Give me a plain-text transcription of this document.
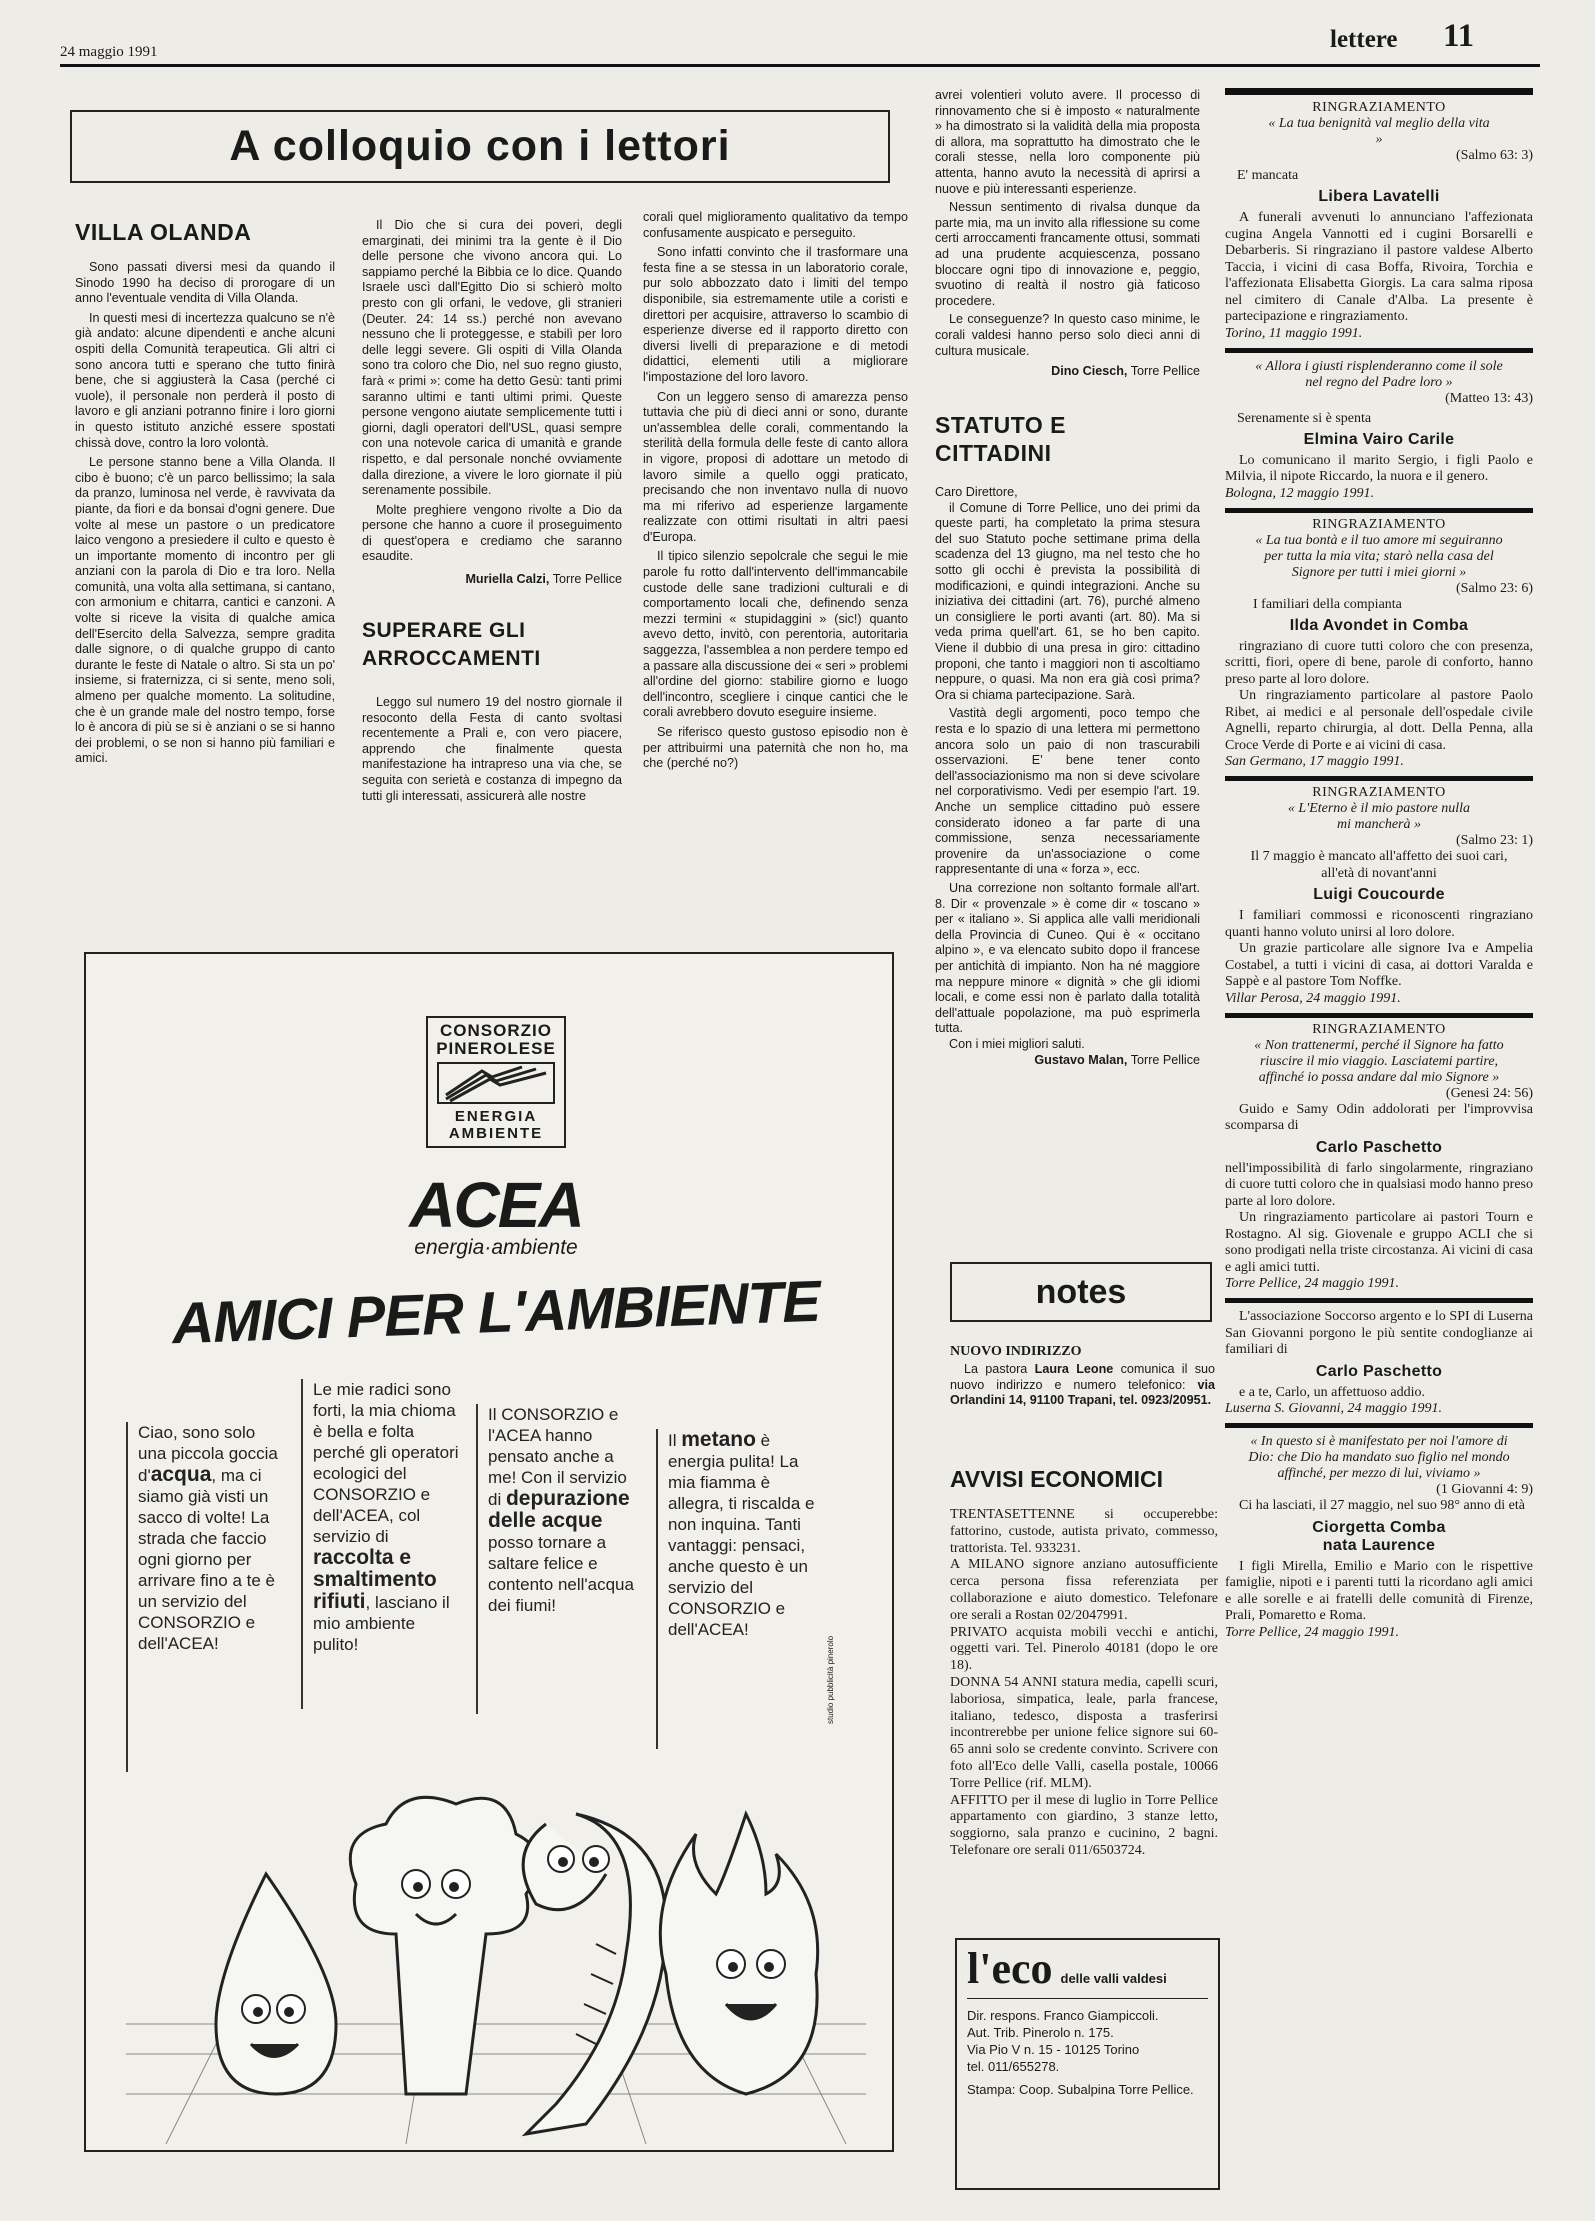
24 maggio 1991	lettere 11
A colloquio con i lettori
VILLA OLANDA

Sono passati diversi mesi da quando il Sinodo 1990 ha deciso di prorogare di un anno l'eventuale vendita di Villa Olanda.

In questi mesi di incertezza qualcuno se n'è già andato: alcune dipendenti e anche alcuni ospiti della Comunità terapeutica. Gli altri ci sono ancora tutti e sperano che tutto finirà bene, che si aggiusterà la Casa (perché ci vuole), il personale non perderà il posto di lavoro e gli anziani potranno finire i loro giorni in questo istituto anziché essere spostati chissà dove, contro la loro volontà.

Le persone stanno bene a Villa Olanda. Il cibo è buono; c'è un parco bellissimo; la sala da pranzo, luminosa nel verde, è ravvivata da piante, da fiori e da bonsai d'ogni genere. Due volte al mese un pastore o un predicatore laico vengono a presiedere il culto e questo è un importante momento di incontro per gli anziani con la parola di Dio e tra loro. Nella comunità, una volta alla settimana, si cantano, con armonium e chitarra, cantici e canzoni. A volte si riceve la visita di qualche amica dell'Esercito della Salvezza, sempre gradita dalle signore, o di qualche gruppo di canto durante le feste di Natale o altro. Si sta un po' insieme, si fraternizza, ci si sente, meno soli, almeno per qualche momento. La solitudine, che è un grande male del nostro tempo, forse lo è ancora di più se si è anziani o se si hanno dei problemi, o se non si hanno più familiari e amici.

Il Dio che si cura dei poveri, degli emarginati, dei minimi tra la gente è il Dio delle persone che vivono ancora qui. Lo sappiamo perché la Bibbia ce lo dice. Quando Israele uscì dall'Egitto Dio si schierò molto presto con gli orfani, le vedove, gli stranieri (Deuter. 24: 14 ss.) perché non avevano nessuno che li proteggesse, e stabilì per loro delle leggi severe. Gli ospiti di Villa Olanda sono tra coloro che Dio, nel suo regno giusto, farà « primi »: come ha detto Gesù: tanti primi saranno ultimi e tanti ultimi primi. Queste persone vengono aiutate semplicemente tutti i giorni, dagli operatori dell'USL, quasi sempre con una notevole carica di umanità e grande rispetto, e dal personale nonché ovviamente dalla direzione, a vivere le loro giornate il più serenamente possibile.

Molte preghiere vengono rivolte a Dio da persone che hanno a cuore il proseguimento di quest'opera e crediamo che saranno esaudite.

Muriella Calzi, Torre Pellice
SUPERARE GLI ARROCCAMENTI

Leggo sul numero 19 del nostro giornale il resoconto della Festa di canto svoltasi recentemente a Prali e, con vero piacere, apprendo che finalmente questa manifestazione ha intrapreso una via che, se seguita con serietà e costanza di impegno da tutti gli interessati, assicurerà alle nostre

corali quel miglioramento qualitativo da tempo confusamente auspicato e perseguito.

Sono infatti convinto che il trasformare una festa fine a se stessa in un laboratorio corale, pur solo abbozzato dato i limiti del tempo disponibile, sia estremamente utile a coristi e direttori per acquisire, attraverso lo scambio di esperienze diverse ed il rapporto diretto con diversi livelli di preparazione e di metodi didattici, elementi utili a migliorare l'impostazione del loro lavoro.

Con un leggero senso di amarezza penso tuttavia che più di dieci anni or sono, durante un'assemblea delle corali, commentando la sterilità della formula delle feste di canto allora in vigore, proposi di adottare un metodo di lavoro simile a quello oggi praticato, precisando che non inventavo nulla di nuovo ma mi riferivo ad esperienze largamente realizzate con ottimi risultati in altri paesi d'Europa.

Il tipico silenzio sepolcrale che segui le mie parole fu rotto dall'intervento dell'immancabile custode delle sane tradizioni culturali e di comportamento locali che, definendo senza mezzi termini « stupidaggini » (sic!) quanto avevo detto, invitò, con perentoria, autoritaria saggezza, l'assemblea a non perdere tempo ed a passare alla discussione dei « seri » problemi all'ordine del giorno: stabilire giorno e luogo dell'incontro, scegliere i cinque cantici che le corali avrebbero dovuto eseguire insieme.

Se riferisco questo gustoso episodio non è per attribuirmi una paternità che non ho, ma che (perché no?)

avrei volentieri voluto avere. Il processo di rinnovamento che si è imposto « naturalmente » ha dimostrato si la validità della mia proposta di allora, ma soprattutto ha dimostrato che le corali stesse, nella loro componente più attenta, hanno avuto la necessità di aprirsi a nuove e più interessanti esperienze.

Nessun sentimento di rivalsa dunque da parte mia, ma un invito alla riflessione su come certi arroccamenti francamente ottusi, sommati ad una prudente acquiescenza, possano bloccare ogni tipo di innovazione e, peggio, svuotino di realtà il nostro già faticoso procedere.

Le conseguenze? In questo caso minime, le corali valdesi hanno perso solo dieci anni di cultura musicale.

Dino Ciesch, Torre Pellice
STATUTO E CITTADINI

Caro Direttore,

il Comune di Torre Pellice, uno dei primi da queste parti, ha completato la prima stesura del suo Statuto poche settimane prima della scadenza del 13 giugno, ma nel testo che ho sotto gli occhi è prevista la possibilità di modificazioni, e quindi integrazioni. Anche su iniziativa dei cittadini (art. 76), purché almeno un consigliere le porti avanti (art. 80). Ma si veda prima quell'art. 61, se ho ben capito. Viene il dubbio di una presa in giro: cittadino proponi, che tanto i maggiori non ti ascoltiamo neppure, o quasi. Ma non era già così prima? Ora si chiama partecipazione. Sarà.

Vastità degli argomenti, poco tempo che resta e lo spazio di una lettera mi permettono ancora solo un paio di non trascurabili osservazioni. E' bene tener conto dell'associazionismo ma non si deve scivolare nel corporativismo. Vedi per esempio l'art. 19. Anche un semplice cittadino può essere considerato idoneo a far parte di una commissione, senza necessariamente provenire da un'associazione o come rappresentante di una « forza », ecc.

Una correzione non soltanto formale all'art. 8. Dir « provenzale » è come dir « toscano » per « italiano ». Si applica alle valli meridionali della Provincia di Cuneo. Qui è « occitano alpino », e va elencato subito dopo il francese per antichità di impianto. Non ha né maggiore ma neppure minore « dignità » che gli idiomi locali, e come essi non è parlato dalla totalità dell'attuale popolazione, ma può esprimerla tutta.

Con i miei migliori saluti.

Gustavo Malan, Torre Pellice
notes
NUOVO INDIRIZZO

La pastora Laura Leone comunica il suo nuovo indirizzo e numero telefonico: via Orlandini 14, 91100 Trapani, tel. 0923/20951.

AVVISI ECONOMICI

TRENTASETTENNE si occuperebbe: fattorino, custode, autista privato, commesso, trattorista. Tel. 933231.

A MILANO signore anziano autosufficiente cerca persona fissa referenziata per collaborazione e aiuto domestico. Telefonare ore serali a Rostan 02/2047991.

PRIVATO acquista mobili vecchi e antichi, oggetti vari. Tel. Pinerolo 40181 (dopo le ore 18).

DONNA 54 ANNI statura media, capelli scuri, laboriosa, simpatica, leale, parla francese, italiano, tedesco, disposta a trasferirsi incontrerebbe per unione felice signore sui 60-65 anni solo se credente convinto. Scrivere con foto all'Eco delle Valli, casella postale, 10066 Torre Pellice (rif. MLM).

AFFITTO per il mese di luglio in Torre Pellice appartamento con giardino, 3 stanze letto, soggiorno, sala pranzo e cucinino, 2 bagni. Telefonare ore serali 011/6503724.

l'eco delle valli valdesi
Dir. respons. Franco Giampiccoli.
Aut. Trib. Pinerolo n. 175.
Via Pio V n. 15 - 10125 Torino
tel. 011/655278.
Stampa: Coop. Subalpina Torre Pellice.
CONSORZIO PINEROLESE
ENERGIA AMBIENTE
ACEA
energia·ambiente
AMICI PER L'AMBIENTE

Ciao, sono solo una piccola goccia d'acqua, ma ci siamo già visti un sacco di volte! La strada che faccio ogni giorno per arrivare fino a te è un servizio del CONSORZIO e dell'ACEA!

Le mie radici sono forti, la mia chioma è bella e folta perché gli operatori ecologici del CONSORZIO e dell'ACEA, col servizio di raccolta e smaltimento rifiuti, lasciano il mio ambiente pulito!

Il CONSORZIO e l'ACEA hanno pensato anche a me! Con il servizio di depurazione delle acque posso tornare a saltare felice e contento nell'acqua dei fiumi!

Il metano è energia pulita! La mia fiamma è allegra, ti riscalda e non inquina. Tanti vantaggi: pensaci, anche questo è un servizio del CONSORZIO e dell'ACEA!

studio pubblicità pinerolo
RINGRAZIAMENTO
« La tua benignità val meglio della vita »
(Salmo 63: 3)
E' mancata
Libera Lavatelli

A funerali avvenuti lo annunciano l'affezionata cugina Angela Vannotti ed i cugini Borsarelli e Debarberis. Si ringraziano il pastore valdese Alberto Taccia, i vicini di casa Boffa, Rivoira, Torchia e l'affezionata Elisabetta Giorgis. La cara salma riposa nel cimitero di Canale d'Alba. La presente è partecipazione e ringraziamento.

Torino, 11 maggio 1991.
« Allora i giusti risplenderanno come il sole nel regno del Padre loro »
(Matteo 13: 43)
Serenamente si è spenta
Elmina Vairo Carile

Lo comunicano il marito Sergio, i figli Paolo e Milvia, il nipote Riccardo, la nuora e il genero.

Bologna, 12 maggio 1991.
RINGRAZIAMENTO
« La tua bontà e il tuo amore mi seguiranno per tutta la mia vita; starò nella casa del Signore per tutti i miei giorni »
(Salmo 23: 6)
I familiari della compianta
Ilda Avondet in Comba

ringraziano di cuore tutti coloro che con presenza, scritti, fiori, opere di bene, parole di conforto, hanno preso parte al loro dolore.

Un ringraziamento particolare al pastore Paolo Ribet, ai medici e al personale dell'ospedale civile Agnelli, reparto chirurgia, al dott. Della Penna, alla Croce Verde di Porte e ai vicini di casa.

San Germano, 17 maggio 1991.
RINGRAZIAMENTO
« L'Eterno è il mio pastore nulla mi mancherà »
(Salmo 23: 1)

Il 7 maggio è mancato all'affetto dei suoi cari, all'età di novant'anni

Luigi Coucourde

I familiari commossi e riconoscenti ringraziano quanti hanno voluto unirsi al loro dolore.

Un grazie particolare alle signore Iva e Ampelia Costabel, a tutti i vicini di casa, ai dottori Varalda e Sappè e al pastore Tom Noffke.

Villar Perosa, 24 maggio 1991.
RINGRAZIAMENTO
« Non trattenermi, perché il Signore ha fatto riuscire il mio viaggio. Lasciatemi partire, affinché io possa andare dal mio Signore »
(Genesi 24: 56)

Guido e Samy Odin addolorati per l'improvvisa scomparsa di

Carlo Paschetto

nell'impossibilità di farlo singolarmente, ringraziano di cuore tutti coloro che in qualsiasi modo hanno preso parte al loro dolore.

Un ringraziamento particolare ai pastori Tourn e Rostagno. Al sig. Giovenale e gruppo ACLI che si sono prodigati nella triste circostanza. Ai vicini di casa e agli amici tutti.

Torre Pellice, 24 maggio 1991.

L'associazione Soccorso argento e lo SPI di Luserna San Giovanni porgono le più sentite condoglianze ai familiari di

Carlo Paschetto

e a te, Carlo, un affettuoso addio.

Luserna S. Giovanni, 24 maggio 1991.
« In questo si è manifestato per noi l'amore di Dio: che Dio ha mandato suo figlio nel mondo affinché, per mezzo di lui, viviamo »
(1 Giovanni 4: 9)

Ci ha lasciati, il 27 maggio, nel suo 98° anno di età

Ciorgetta Comba
nata Laurence

I figli Mirella, Emilio e Mario con le rispettive famiglie, nipoti e i parenti tutti la ricordano agli amici e alle sorelle e ai fratelli delle comunità di Firenze, Prali, Pomaretto e Roma.

Torre Pellice, 24 maggio 1991.
